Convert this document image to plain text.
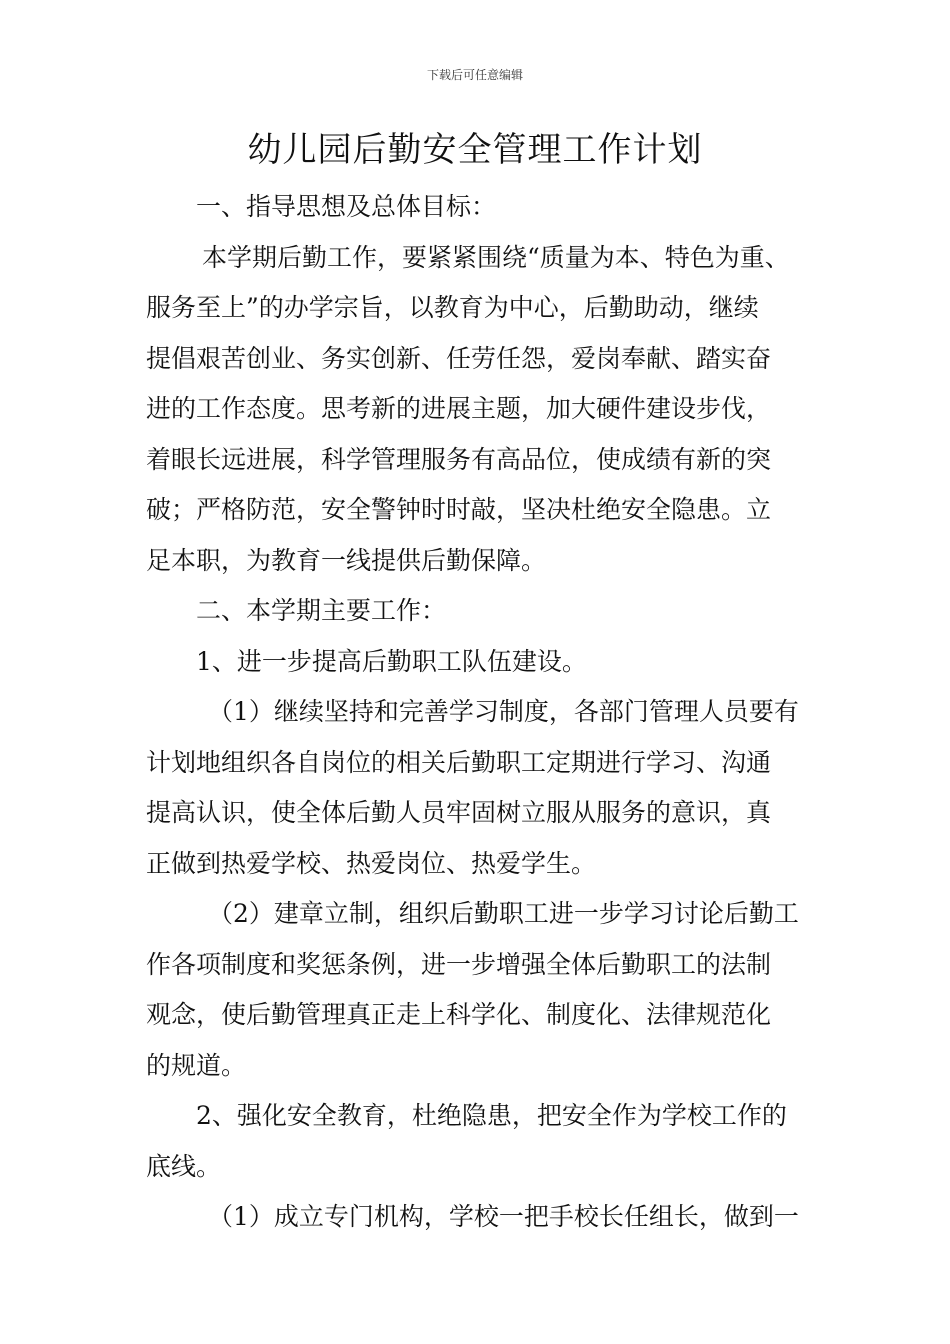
下载后可任意编辑
幼儿园后勤安全管理工作计划

一、指导思想及总体目标：

本学期后勤工作，要紧紧围绕“质量为本、特色为重、

服务至上”的办学宗旨，以教育为中心，后勤助动，继续

提倡艰苦创业、务实创新、任劳任怨，爱岗奉献、踏实奋

进的工作态度。思考新的进展主题，加大硬件建设步伐，

着眼长远进展，科学管理服务有高品位，使成绩有新的突

破；严格防范，安全警钟时时敲，坚决杜绝安全隐患。立

足本职，为教育一线提供后勤保障。

二、本学期主要工作：

1、进一步提高后勤职工队伍建设。

（1）继续坚持和完善学习制度，各部门管理人员要有

计划地组织各自岗位的相关后勤职工定期进行学习、沟通

提高认识，使全体后勤人员牢固树立服从服务的意识，真

正做到热爱学校、热爱岗位、热爱学生。

（2）建章立制，组织后勤职工进一步学习讨论后勤工

作各项制度和奖惩条例，进一步增强全体后勤职工的法制

观念，使后勤管理真正走上科学化、制度化、法律规范化

的规道。

2、强化安全教育，杜绝隐患，把安全作为学校工作的

底线。

（1）成立专门机构，学校一把手校长任组长，做到一
